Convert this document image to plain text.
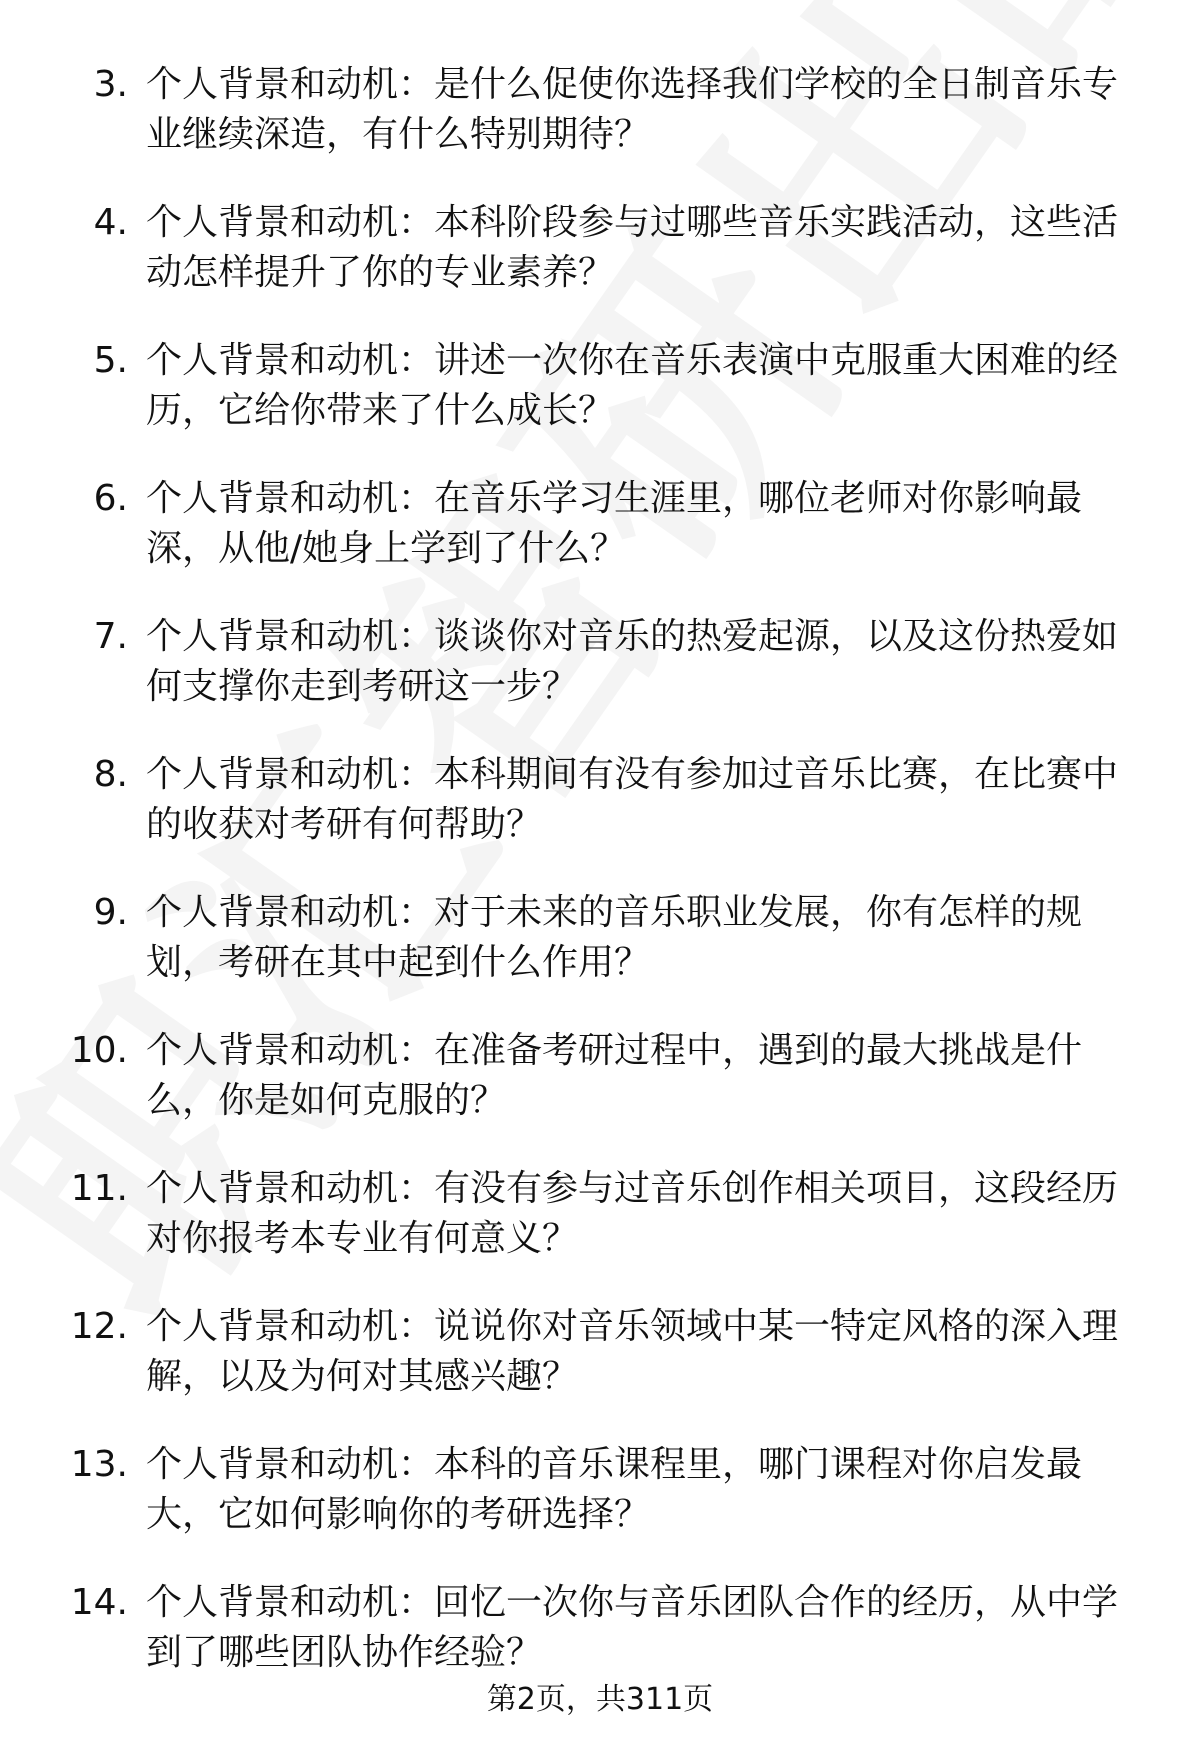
3. 个人背景和动机：是什么促使你选择我们学校的全日制音乐专业继续深造，有什么特别期待？
4. 个人背景和动机：本科阶段参与过哪些音乐实践活动，这些活动怎样提升了你的专业素养？
5. 个人背景和动机：讲述一次你在音乐表演中克服重大困难的经历，它给你带来了什么成长？
6. 个人背景和动机：在音乐学习生涯里，哪位老师对你影响最深，从他/她身上学到了什么？
7. 个人背景和动机：谈谈你对音乐的热爱起源，以及这份热爱如何支撑你走到考研这一步？
8. 个人背景和动机：本科期间有没有参加过音乐比赛，在比赛中的收获对考研有何帮助？
9. 个人背景和动机：对于未来的音乐职业发展，你有怎样的规划，考研在其中起到什么作用？
10. 个人背景和动机：在准备考研过程中，遇到的最大挑战是什么，你是如何克服的？
11. 个人背景和动机：有没有参与过音乐创作相关项目，这段经历对你报考本专业有何意义？
12. 个人背景和动机：说说你对音乐领域中某一特定风格的深入理解，以及为何对其感兴趣？
13. 个人背景和动机：本科的音乐课程里，哪门课程对你启发最大，它如何影响你的考研选择？
14. 个人背景和动机：回忆一次你与音乐团队合作的经历，从中学到了哪些团队协作经验？
第2页，共311页
